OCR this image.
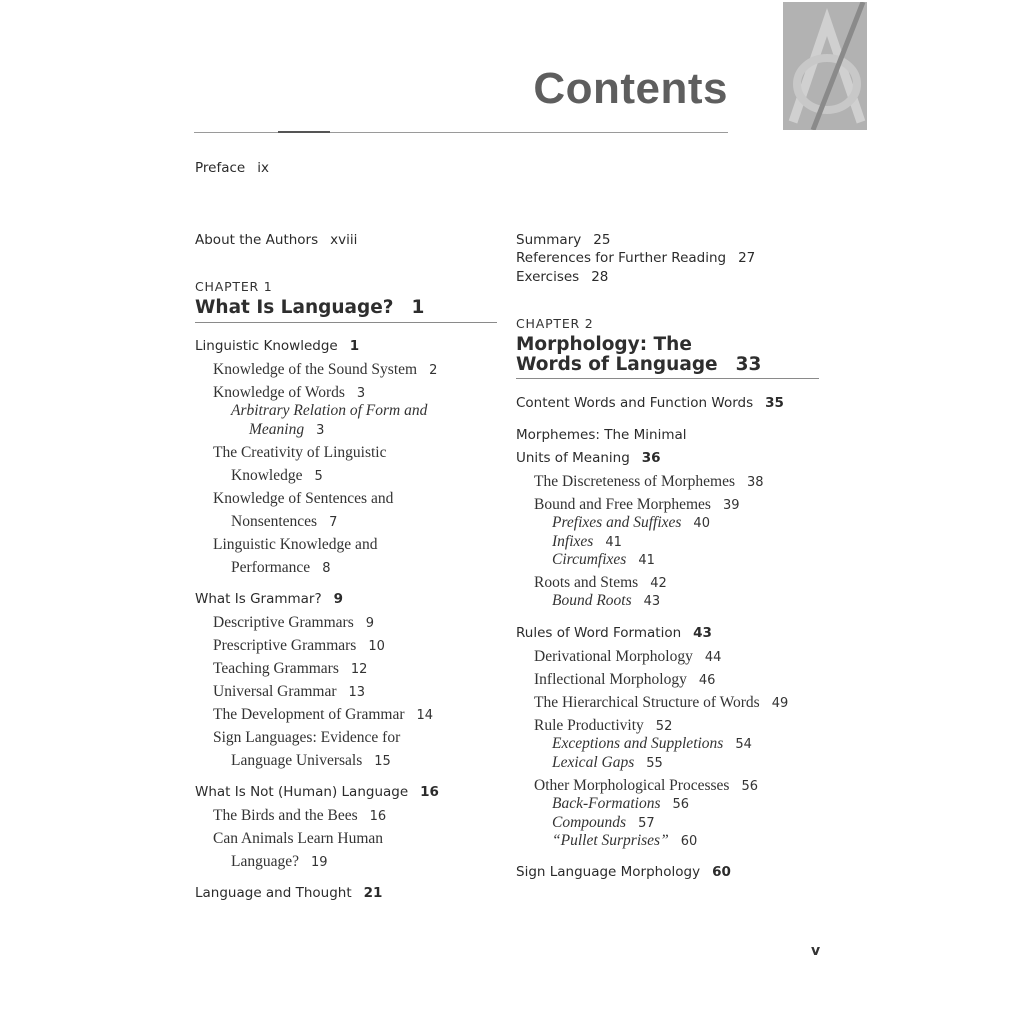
Contents
Preface ix
About the Authors xviii
CHAPTER 1
What Is Language? 1
Linguistic Knowledge 1
Knowledge of the Sound System 2
Knowledge of Words 3
Arbitrary Relation of Form and
Meaning 3
The Creativity of Linguistic
Knowledge 5
Knowledge of Sentences and
Nonsentences 7
Linguistic Knowledge and
Performance 8
What Is Grammar? 9
Descriptive Grammars 9
Prescriptive Grammars 10
Teaching Grammars 12
Universal Grammar 13
The Development of Grammar 14
Sign Languages: Evidence for
Language Universals 15
What Is Not (Human) Language 16
The Birds and the Bees 16
Can Animals Learn Human
Language? 19
Language and Thought 21
Summary 25
References for Further Reading 27
Exercises 28
CHAPTER 2
Morphology: The
Words of Language 33
Content Words and Function Words 35
Morphemes: The Minimal
Units of Meaning 36
The Discreteness of Morphemes 38
Bound and Free Morphemes 39
Prefixes and Suffixes 40
Infixes 41
Circumfixes 41
Roots and Stems 42
Bound Roots 43
Rules of Word Formation 43
Derivational Morphology 44
Inflectional Morphology 46
The Hierarchical Structure of Words 49
Rule Productivity 52
Exceptions and Suppletions 54
Lexical Gaps 55
Other Morphological Processes 56
Back-Formations 56
Compounds 57
“Pullet Surprises” 60
Sign Language Morphology 60
v
